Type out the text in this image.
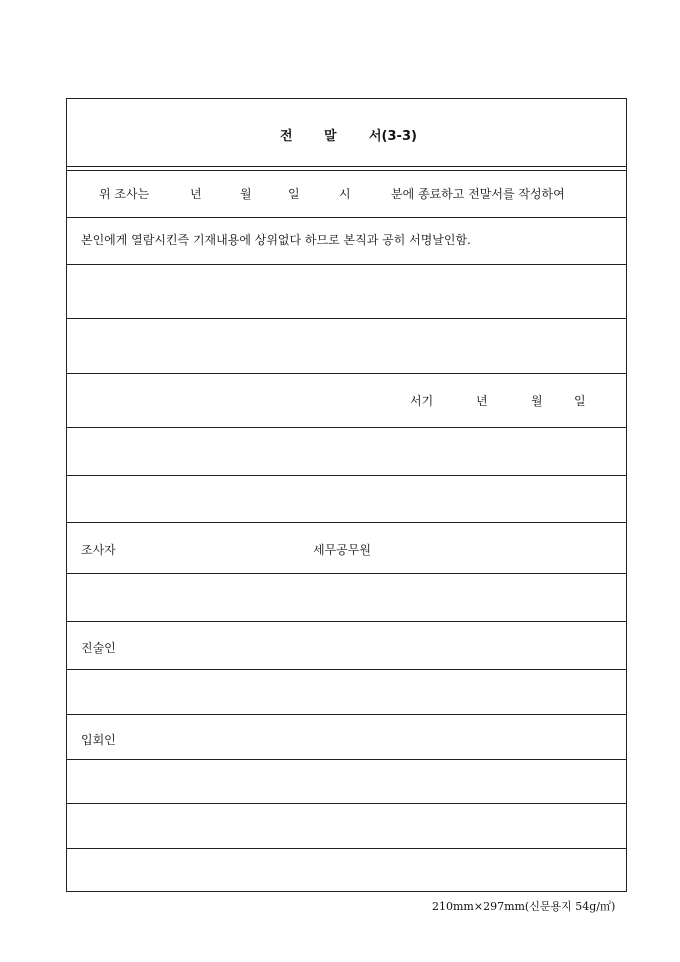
전 말 서(3-3)
위 조사는	년	월	일	시	분에 종료하고 전말서를 작성하여
본인에게 열람시킨즉 기재내용에 상위없다 하므로 본직과 공히 서명날인함.
서기	년	월	일
조사자	세무공무원
진술인
입회인
210mm×297mm(신문용지 54g/㎡)
